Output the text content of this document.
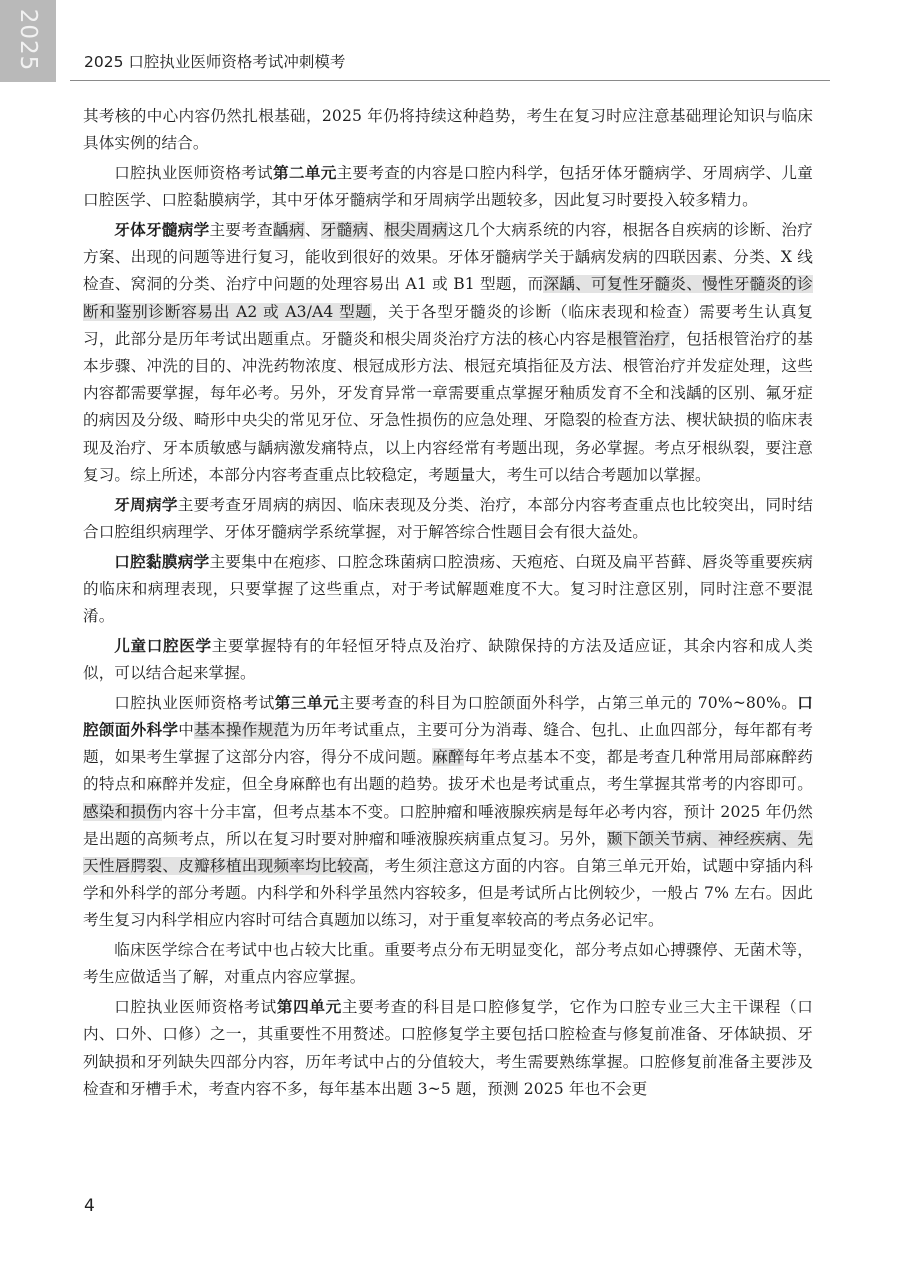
2025	2025 口腔执业医师资格考试冲刺模考

其考核的中心内容仍然扎根基础，2025 年仍将持续这种趋势，考生在复习时应注意基础理论知识与临床具体实例的结合。

口腔执业医师资格考试第二单元主要考查的内容是口腔内科学，包括牙体牙髓病学、牙周病学、儿童口腔医学、口腔黏膜病学，其中牙体牙髓病学和牙周病学出题较多，因此复习时要投入较多精力。

牙体牙髓病学主要考查龋病、牙髓病、根尖周病这几个大病系统的内容，根据各自疾病的诊断、治疗方案、出现的问题等进行复习，能收到很好的效果。牙体牙髓病学关于龋病发病的四联因素、分类、X 线检查、窝洞的分类、治疗中问题的处理容易出 A1 或 B1 型题，而深龋、可复性牙髓炎、慢性牙髓炎的诊断和鉴别诊断容易出 A2 或 A3/A4 型题，关于各型牙髓炎的诊断（临床表现和检查）需要考生认真复习，此部分是历年考试出题重点。牙髓炎和根尖周炎治疗方法的核心内容是根管治疗，包括根管治疗的基本步骤、冲洗的目的、冲洗药物浓度、根冠成形方法、根冠充填指征及方法、根管治疗并发症处理，这些内容都需要掌握，每年必考。另外，牙发育异常一章需要重点掌握牙釉质发育不全和浅龋的区别、氟牙症的病因及分级、畸形中央尖的常见牙位、牙急性损伤的应急处理、牙隐裂的检查方法、楔状缺损的临床表现及治疗、牙本质敏感与龋病激发痛特点，以上内容经常有考题出现，务必掌握。考点牙根纵裂，要注意复习。综上所述，本部分内容考查重点比较稳定，考题量大，考生可以结合考题加以掌握。

牙周病学主要考查牙周病的病因、临床表现及分类、治疗，本部分内容考查重点也比较突出，同时结合口腔组织病理学、牙体牙髓病学系统掌握，对于解答综合性题目会有很大益处。

口腔黏膜病学主要集中在疱疹、口腔念珠菌病口腔溃疡、天疱疮、白斑及扁平苔藓、唇炎等重要疾病的临床和病理表现，只要掌握了这些重点，对于考试解题难度不大。复习时注意区别，同时注意不要混淆。

儿童口腔医学主要掌握特有的年轻恒牙特点及治疗、缺隙保持的方法及适应证，其余内容和成人类似，可以结合起来掌握。

口腔执业医师资格考试第三单元主要考查的科目为口腔颌面外科学，占第三单元的 70%~80%。口腔颌面外科学中基本操作规范为历年考试重点，主要可分为消毒、缝合、包扎、止血四部分，每年都有考题，如果考生掌握了这部分内容，得分不成问题。麻醉每年考点基本不变，都是考查几种常用局部麻醉药的特点和麻醉并发症，但全身麻醉也有出题的趋势。拔牙术也是考试重点，考生掌握其常考的内容即可。感染和损伤内容十分丰富，但考点基本不变。口腔肿瘤和唾液腺疾病是每年必考内容，预计 2025 年仍然是出题的高频考点，所以在复习时要对肿瘤和唾液腺疾病重点复习。另外，颞下颌关节病、神经疾病、先天性唇腭裂、皮瓣移植出现频率均比较高，考生须注意这方面的内容。自第三单元开始，试题中穿插内科学和外科学的部分考题。内科学和外科学虽然内容较多，但是考试所占比例较少，一般占 7% 左右。因此考生复习内科学相应内容时可结合真题加以练习，对于重复率较高的考点务必记牢。

临床医学综合在考试中也占较大比重。重要考点分布无明显变化，部分考点如心搏骤停、无菌术等，考生应做适当了解，对重点内容应掌握。

口腔执业医师资格考试第四单元主要考查的科目是口腔修复学，它作为口腔专业三大主干课程（口内、口外、口修）之一，其重要性不用赘述。口腔修复学主要包括口腔检查与修复前准备、牙体缺损、牙列缺损和牙列缺失四部分内容，历年考试中占的分值较大，考生需要熟练掌握。口腔修复前准备主要涉及检查和牙槽手术，考查内容不多，每年基本出题 3~5 题，预测 2025 年也不会更

4
